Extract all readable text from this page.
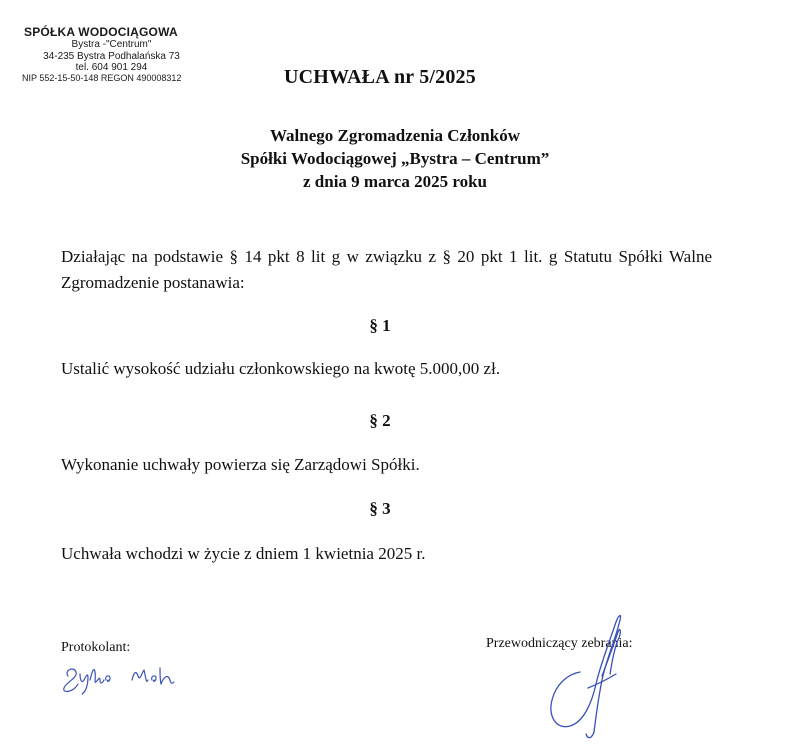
SPÓŁKA WODOCIĄGOWA
Bystra -"Centrum"
34-235 Bystra Podhalańska 73
tel. 604 901 294
NIP 552-15-50-148 REGON 490008312	UCHWAŁA nr 5/2025
Walnego Zgromadzenia Członków
Spółki Wodociągowej „Bystra – Centrum”
z dnia 9 marca 2025 roku

Działając na podstawie § 14 pkt 8 lit g w związku z § 20 pkt 1 lit. g Statutu Spółki Walne Zgromadzenie postanawia:

§ 1

Ustalić wysokość udziału członkowskiego na kwotę 5.000,00 zł.

§ 2

Wykonanie uchwały powierza się Zarządowi Spółki.

§ 3

Uchwała wchodzi w życie z dniem 1 kwietnia 2025 r.

Protokolant:	Przewodniczący zebrania:
